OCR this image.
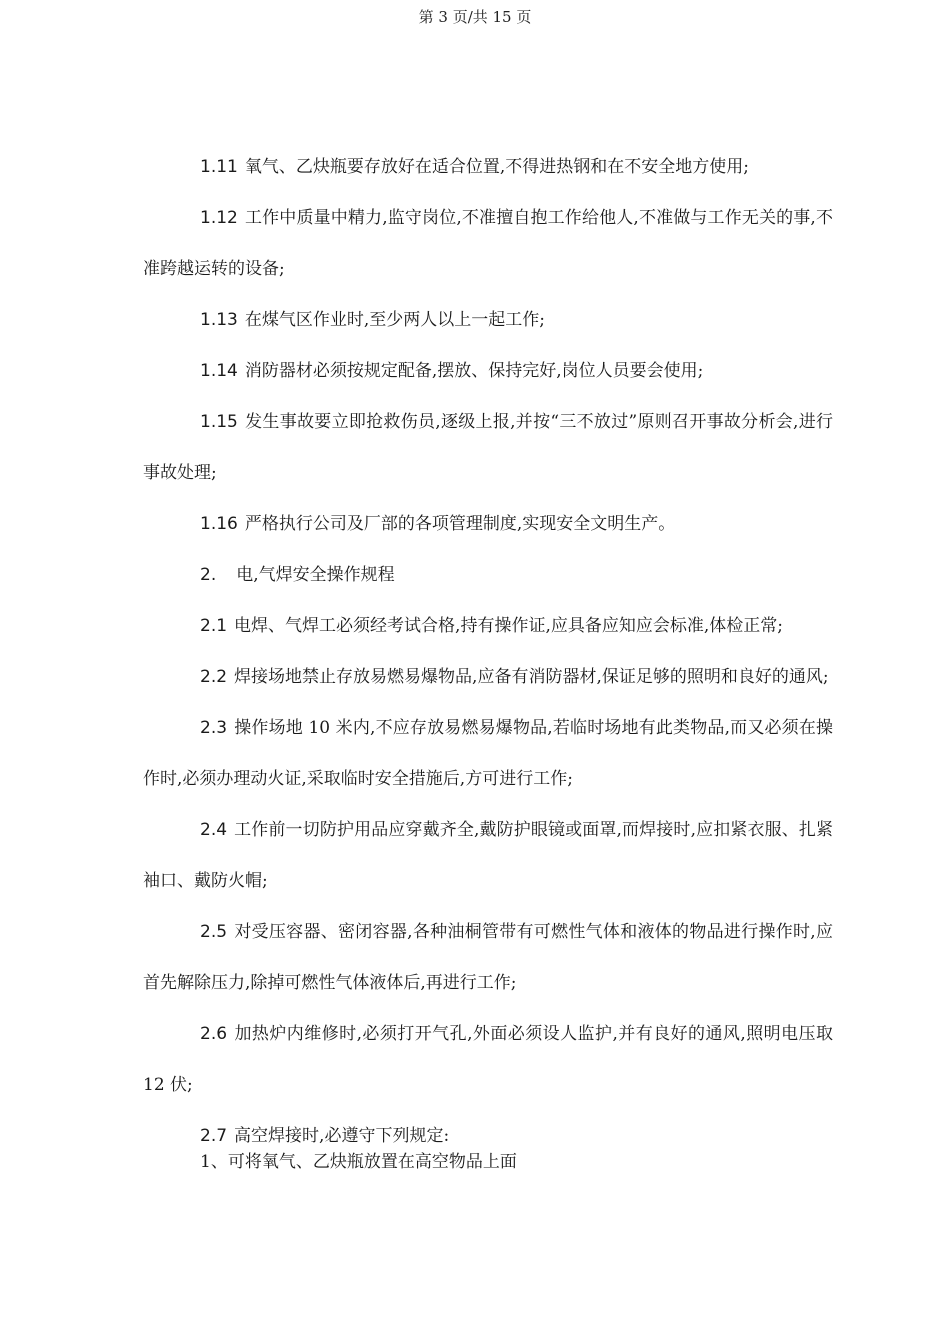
第 3 页/共 15 页

1.11 氧气、乙炔瓶要存放好在适合位置,不得进热钢和在不安全地方使用;

1.12 工作中质量中精力,监守岗位,不准擅自抱工作给他人,不准做与工作无关的事,不准跨越运转的设备;

1.13 在煤气区作业时,至少两人以上一起工作;

1.14 消防器材必须按规定配备,摆放、保持完好,岗位人员要会使用;

1.15 发生事故要立即抢救伤员,逐级上报,并按“三不放过”原则召开事故分析会,进行事故处理;

1.16 严格执行公司及厂部的各项管理制度,实现安全文明生产。

2. 电,气焊安全操作规程

2.1 电焊、气焊工必须经考试合格,持有操作证,应具备应知应会标准,体检正常;

2.2 焊接场地禁止存放易燃易爆物品,应备有消防器材,保证足够的照明和良好的通风;

2.3 操作场地 10 米内,不应存放易燃易爆物品,若临时场地有此类物品,而又必须在操作时,必须办理动火证,采取临时安全措施后,方可进行工作;

2.4 工作前一切防护用品应穿戴齐全,戴防护眼镜或面罩,而焊接时,应扣紧衣服、扎紧袖口、戴防火帽;

2.5 对受压容器、密闭容器,各种油桐管带有可燃性气体和液体的物品进行操作时,应首先解除压力,除掉可燃性气体液体后,再进行工作;

2.6 加热炉内维修时,必须打开气孔,外面必须设人监护,并有良好的通风,照明电压取 12 伏;

2.7 高空焊接时,必遵守下列规定:

1、可将氧气、乙炔瓶放置在高空物品上面
